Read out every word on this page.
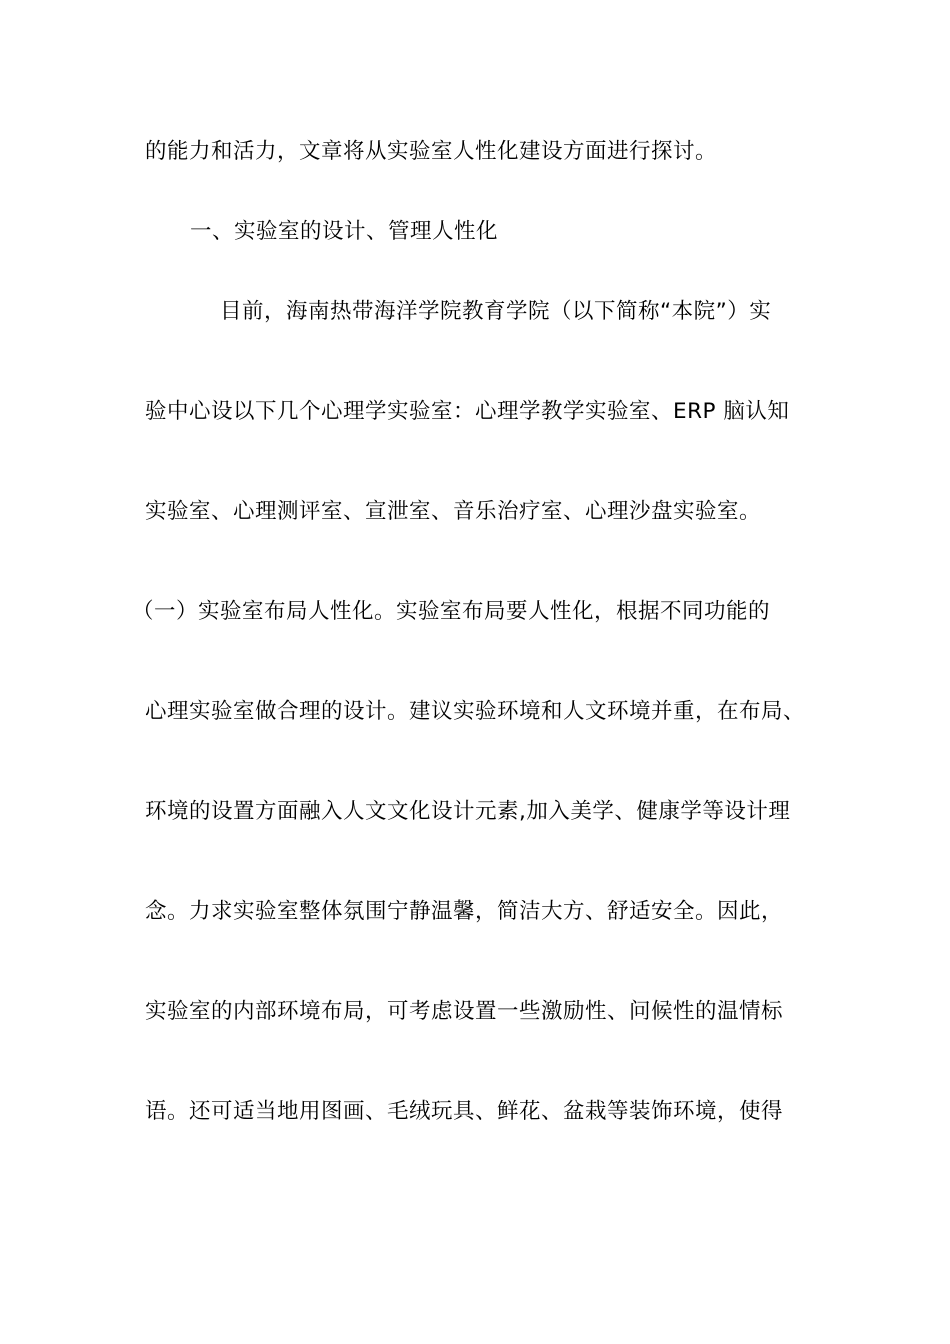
的能力和活力，文章将从实验室人性化建设方面进行探讨。
一、实验室的设计、管理人性化
目前，海南热带海洋学院教育学院（以下简称“本院”）实
验中心设以下几个心理学实验室：心理学教学实验室、ERP 脑认知
实验室、心理测评室、宣泄室、音乐治疗室、心理沙盘实验室。
（一）实验室布局人性化。实验室布局要人性化，根据不同功能的
心理实验室做合理的设计。建议实验环境和人文环境并重，在布局、
环境的设置方面融入人文文化设计元素,加入美学、健康学等设计理
念。力求实验室整体氛围宁静温馨，简洁大方、舒适安全。因此，
实验室的内部环境布局，可考虑设置一些激励性、问候性的温情标
语。还可适当地用图画、毛绒玩具、鲜花、盆栽等装饰环境，使得
